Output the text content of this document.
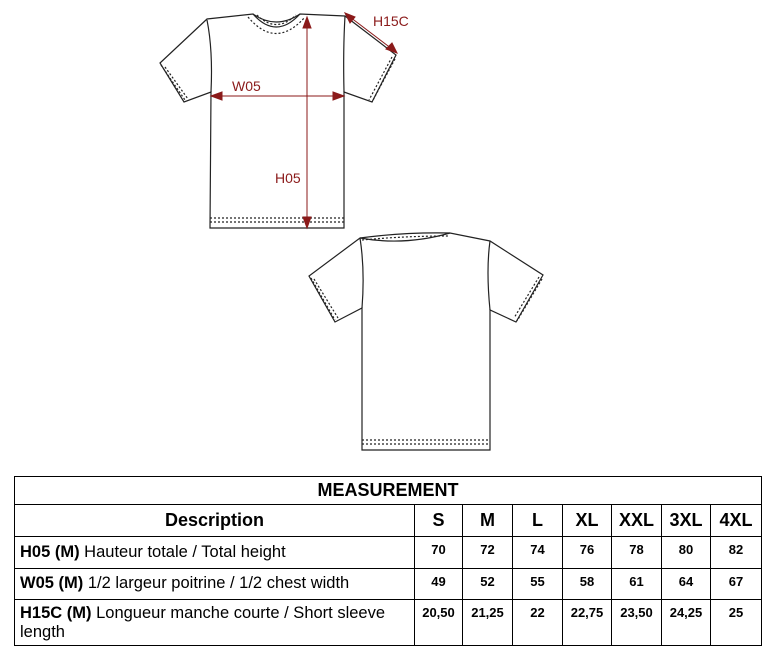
H15C
W05
H05
MEASUREMENT							
Description	S	M	L	XL	XXL	3XL	4XL
H05 (M) Hauteur totale / Total height	70	72	74	76	78	80	82
W05 (M) 1/2 largeur poitrine / 1/2 chest width	49	52	55	58	61	64	67
H15C (M) Longueur manche courte / Short sleeve length	20,50	21,25	22	22,75	23,50	24,25	25
